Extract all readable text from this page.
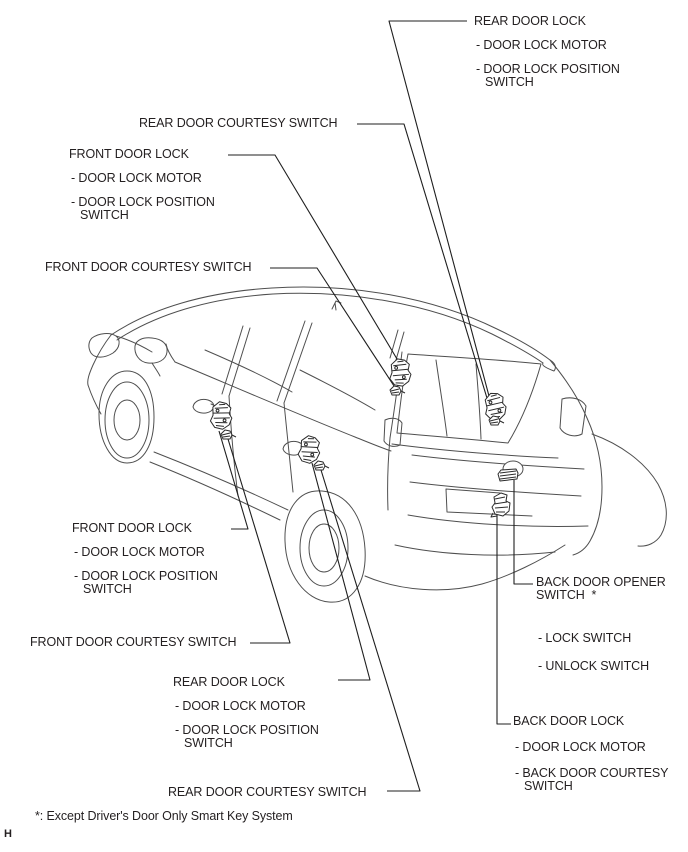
REAR DOOR LOCK
- DOOR LOCK MOTOR
- DOOR LOCK POSITION SWITCH
REAR DOOR COURTESY SWITCH
FRONT DOOR LOCK
- DOOR LOCK MOTOR
- DOOR LOCK POSITION SWITCH
FRONT DOOR COURTESY SWITCH
FRONT DOOR LOCK
- DOOR LOCK MOTOR
- DOOR LOCK POSITION SWITCH
FRONT DOOR COURTESY SWITCH
REAR DOOR LOCK
- DOOR LOCK MOTOR
- DOOR LOCK POSITION SWITCH
REAR DOOR COURTESY SWITCH
BACK DOOR OPENER SWITCH  *
- LOCK SWITCH
- UNLOCK SWITCH
BACK DOOR LOCK
- DOOR LOCK MOTOR
- BACK DOOR COURTESY SWITCH
*: Except Driver's Door Only Smart Key System
H
